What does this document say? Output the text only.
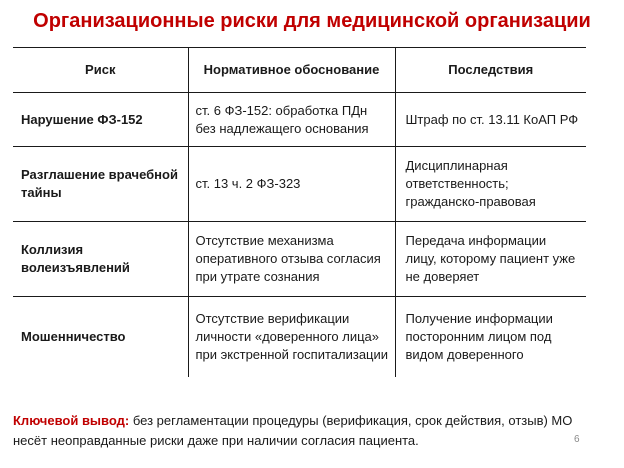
Организационные риски для медицинской организации
Риск	Нормативное обоснование	Последствия
Нарушение ФЗ-152	ст. 6 ФЗ-152: обработка ПДн без надлежащего основания	Штраф по ст. 13.11 КоАП РФ
Разглашение врачебной тайны	ст. 13 ч. 2 ФЗ-323	Дисциплинарная ответственность; гражданско-правовая
Коллизия волеизъявлений	Отсутствие механизма оперативного отзыва согласия при утрате сознания	Передача информации лицу, которому пациент уже не доверяет
Мошенничество	Отсутствие верификации личности «доверенного лица» при экстренной госпитализации	Получение информации посторонним лицом под видом доверенного

Ключевой вывод: без регламентации процедуры (верификация, срок действия, отзыв) МО несёт неоправданные риски даже при наличии согласия пациента.	6
